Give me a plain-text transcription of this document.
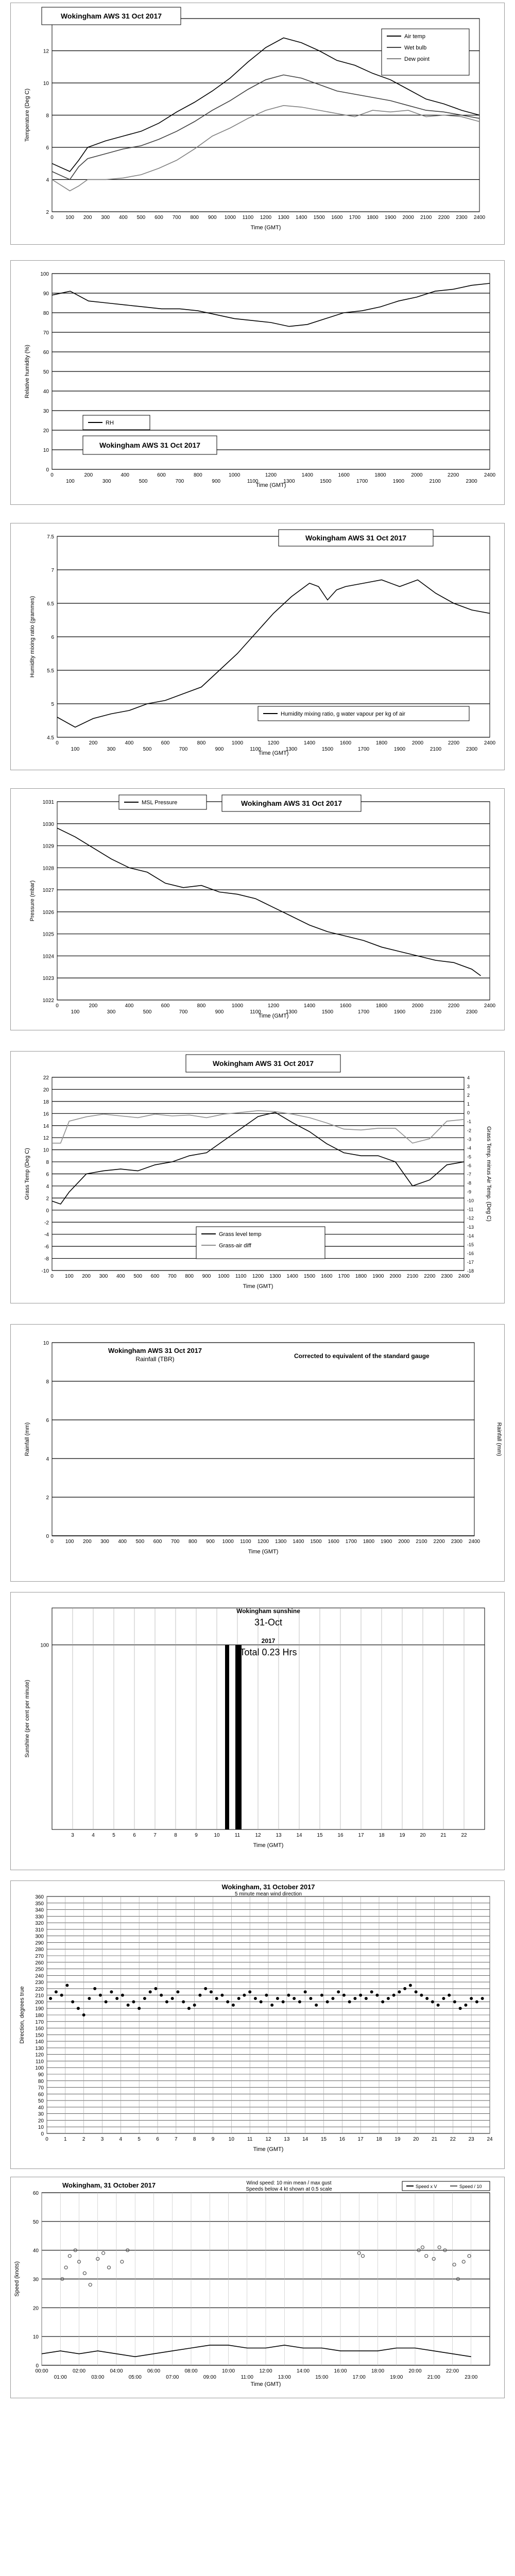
2
4
6
8
10
12
0 100 200 300 400 500 600 700 800 900 1000 1100 1200 1300 1400 1500 1600 1700 1800 1900 2000 2100 2200 2300 2400
Time (GMT)
Temperature (Deg C)
Wokingham AWS 31 Oct 2017
Air temp
Wet bulb
Dew point
0
10
20
30
40
50
60
70
80
90
100
0
100
200
300
400
500
600
700
800
900
1000
1100
1200
1300
1400
1500
1600
1700
1800
1900
2000
2100
2200
2300
2400
Time (GMT)
Relative humidity (%)
Wokingham AWS 31 Oct 2017
RH
4.5
5
5.5
6
6.5
7
7.5
0
100
200
300
400
500
600
700
800
900
1000
1100
1200
1300
1400
1500
1600
1700
1800
1900
2000
2100
2200
2300
2400
Time (GMT)
Humidity mixing ratio (grammes)
Wokingham AWS 31 Oct 2017
Humidity mixing ratio, g water vapour per kg of air
1022
1023
1024
1025
1026
1027
1028
1029
1030
1031
0
100
200
300
400
500
600
700
800
900
1000
1100
1200
1300
1400
1500
1600
1700
1800
1900
2000
2100
2200
2300
2400
Time (GMT)
Pressure (mbar)
Wokingham AWS 31 Oct 2017
MSL Pressure
-10
-8
-6
-4
-2
0
2
4
6
8
10
12
14
16
18
20
22
0 100 200 300 400 500 600 700 800 900 1000 1100 1200 1300 1400 1500 1600 1700 1800 1900 2000 2100 2200 2300 2400
Time (GMT)
Grass Temp (Deg C)	Grass Temp. minus Air Temp. (Deg C)
-18
-17
-16
-15
-14
-13
-12
-11
-10
-9
-8
-7
-6
-5
-4
-3
-2
-1
0
1
2
3
4
Wokingham AWS 31 Oct 2017
Grass level temp
Grass-air diff
0
2
4
6
8
10
0 100 200 300 400 500 600 700 800 900 1000 1100 1200 1300 1400 1500 1600 1700 1800 1900 2000 2100 2200 2300 2400
Time (GMT)
Rainfall (mm)	Rainfall (mm)
Wokingham AWS 31 Oct 2017
Rainfall (TBR)	Corrected to equivalent of the standard gauge
100
3	4	5	6	7	8	9	10	11	12	13	14	15	16	17	18	19	20	21	22
Time (GMT)
Sunshine (per cent per minute)
Wokingham sunshine
31-Oct
2017
Total 0.23 Hrs
0
10
20
30
40
50
60
70
80
90
100
110
120
130
140
150
160
170
180
190
200
210
220
230
240
250
260
270
280
290
300
310
320
330
340
350
360
0	1	2	3	4	5	6	7	8	9	10	11	12 13 14 15 16 17 18 19 20 21 22 23 24
Time (GMT)
Direction, degrees true
Wokingham, 31 October 2017
5 minute mean wind direction
0
10
20
30
40
50
60
00:00	02:00	04:00	06:00	08:00	10:00	12:00	14:00	16:00	18:00	20:00	22:00
01:00	03:00	05:00	07:00	09:00	11:00	13:00	15:00	17:00	19:00	21:00	23:00
Time (GMT)
Speed (knots)
Wokingham, 31 October 2017	Wind speed: 10 min mean / max gust
Speeds below 4 kt shown at 0.5 scale	Speed x V	Speed / 10
